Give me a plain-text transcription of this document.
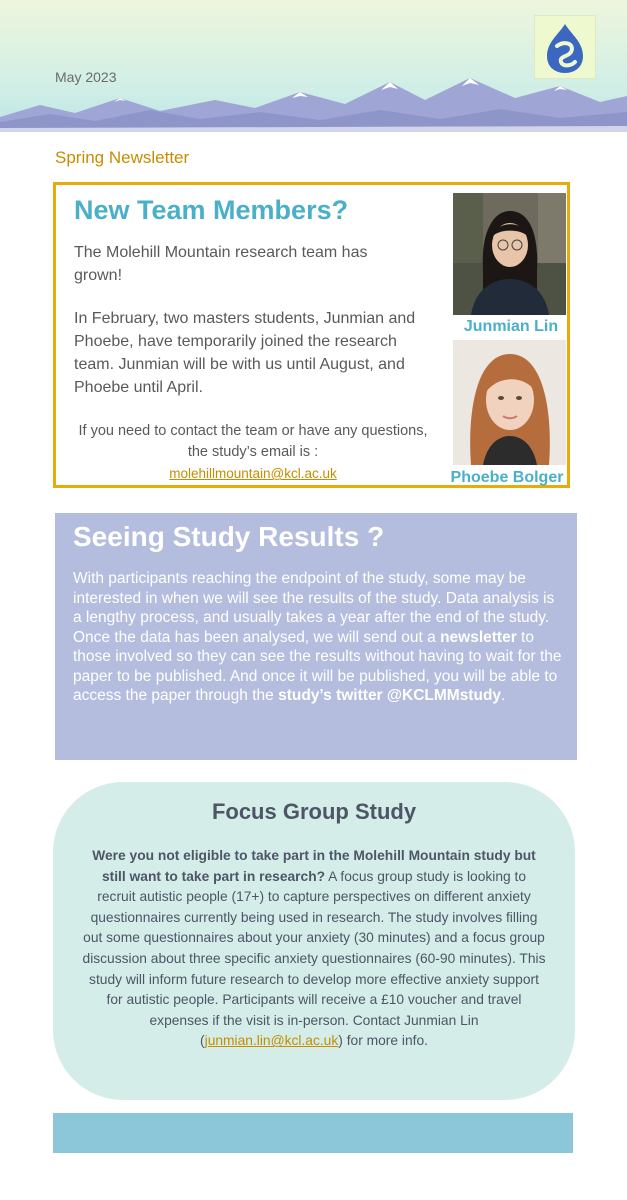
May 2023
Spring Newsletter
New Team Members?

The Molehill Mountain research team has grown!

In February, two masters students, Junmian and Phoebe, have temporarily joined the research team. Junmian will be with us until August, and Phoebe until April.

If you need to contact the team or have any questions, the study’s email is :
molehillmountain@kcl.ac.uk
Junmian Lin
Phoebe Bolger
Seeing Study Results ?

With participants reaching the endpoint of the study, some may be interested in when we will see the results of the study. Data analysis is a lengthy process, and usually takes a year after the end of the study. Once the data has been analysed, we will send out a newsletter to those involved so they can see the results without having to wait for the paper to be published. And once it will be published, you will be able to access the paper through the study’s twitter @KCLMMstudy.

Focus Group Study

Were you not eligible to take part in the Molehill Mountain study but still want to take part in research? A focus group study is looking to recruit autistic people (17+) to capture perspectives on different anxiety questionnaires currently being used in research. The study involves filling out some questionnaires about your anxiety (30 minutes) and a focus group discussion about three specific anxiety questionnaires (60-90 minutes). This study will inform future research to develop more effective anxiety support for autistic people. Participants will receive a £10 voucher and travel expenses if the visit is in-person. Contact Junmian Lin (junmian.lin@kcl.ac.uk) for more info.
